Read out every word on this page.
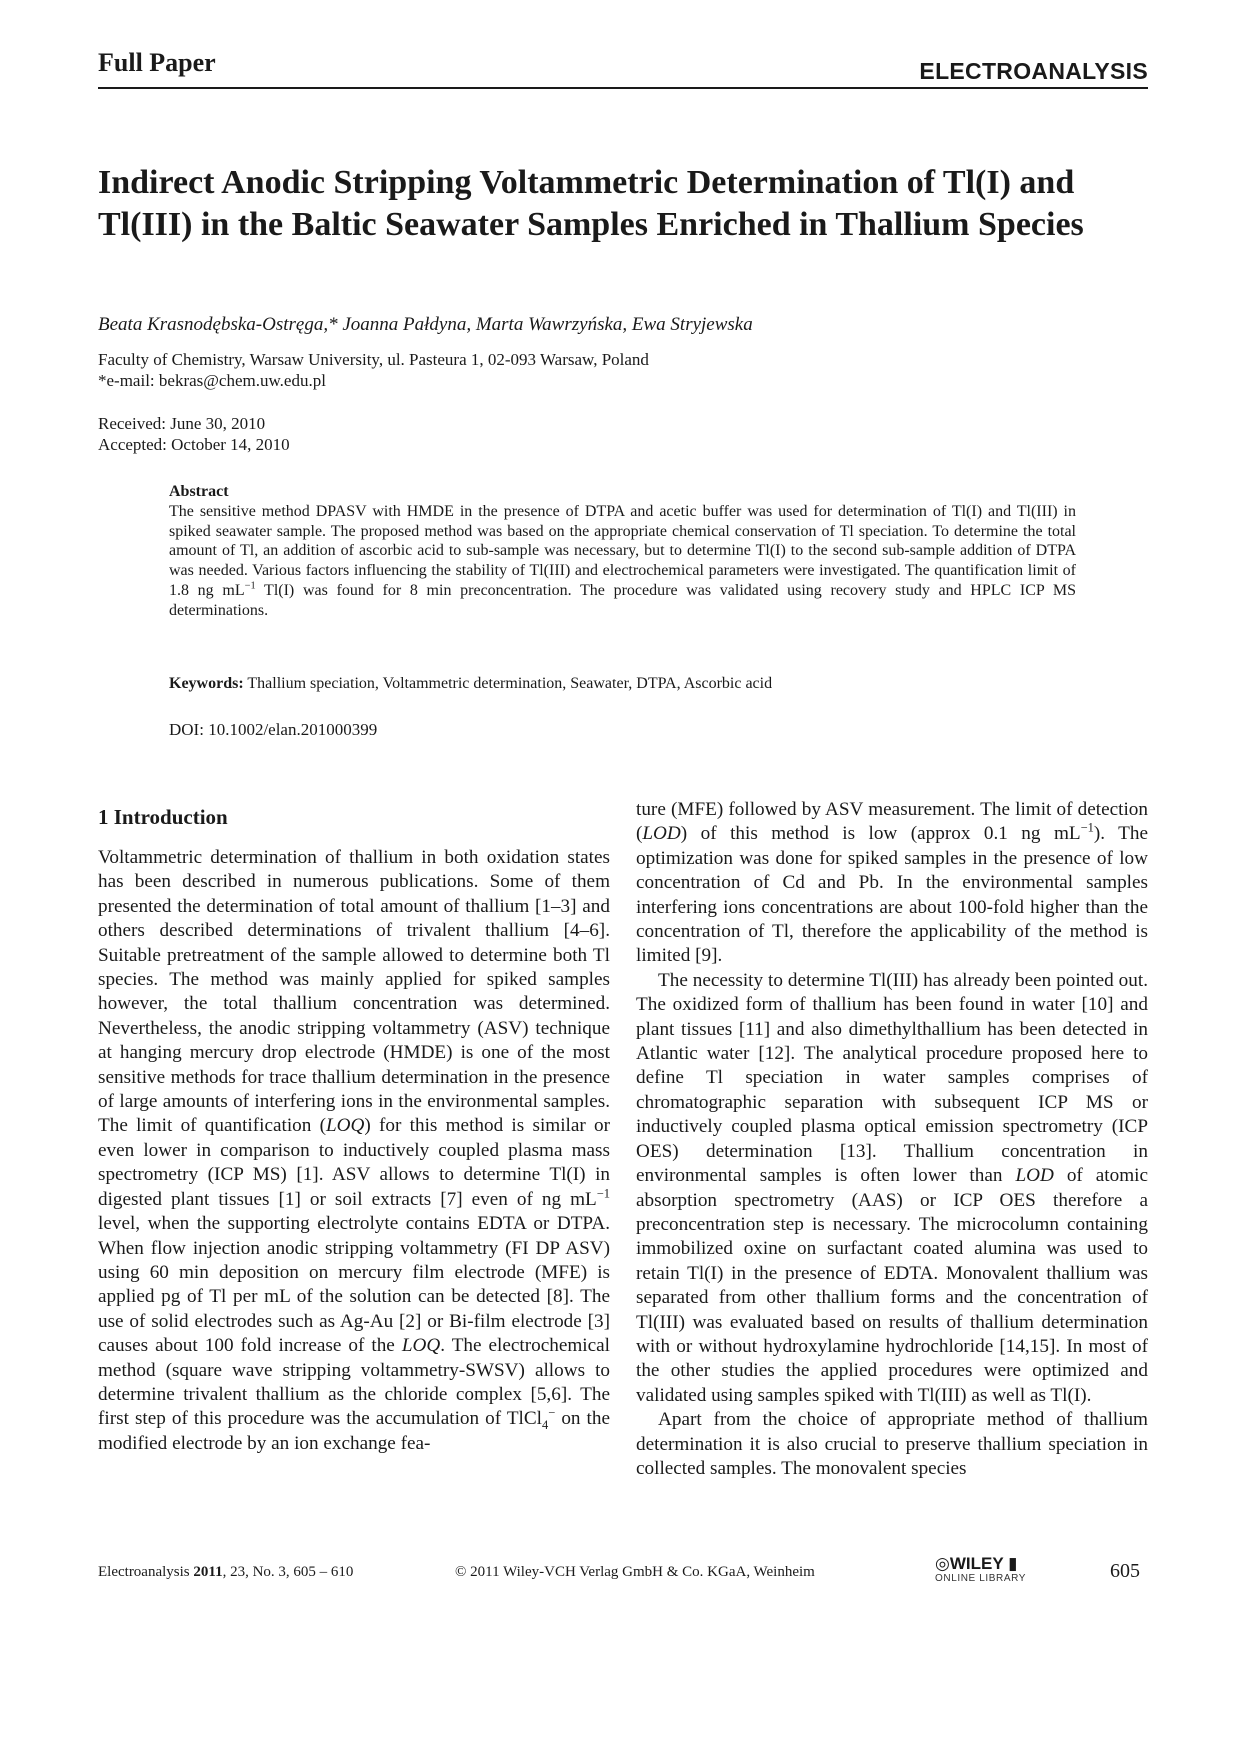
Full Paper	ELECTROANALYSIS
Indirect Anodic Stripping Voltammetric Determination of Tl(I) and Tl(III) in the Baltic Seawater Samples Enriched in Thallium Species
Beata Krasnodębska-Ostręga,* Joanna Pałdyna, Marta Wawrzyńska, Ewa Stryjewska
Faculty of Chemistry, Warsaw University, ul. Pasteura 1, 02-093 Warsaw, Poland
*e-mail: bekras@chem.uw.edu.pl
Received: June 30, 2010
Accepted: October 14, 2010
Abstract
The sensitive method DPASV with HMDE in the presence of DTPA and acetic buffer was used for determination of Tl(I) and Tl(III) in spiked seawater sample. The proposed method was based on the appropriate chemical conservation of Tl speciation. To determine the total amount of Tl, an addition of ascorbic acid to sub-sample was necessary, but to determine Tl(I) to the second sub-sample addition of DTPA was needed. Various factors influencing the stability of Tl(III) and electrochemical parameters were investigated. The quantification limit of 1.8 ng $mL^{-1}$ Tl(I) was found for 8 min preconcentration. The procedure was validated using recovery study and HPLC ICP MS determinations.
Keywords: Thallium speciation, Voltammetric determination, Seawater, DTPA, Ascorbic acid
DOI: 10.1002/elan.201000399
1 Introduction

Voltammetric determination of thallium in both oxidation states has been described in numerous publications. Some of them presented the determination of total amount of thallium [1–3] and others described determinations of trivalent thallium [4–6]. Suitable pretreatment of the sample allowed to determine both Tl species. The method was mainly applied for spiked samples however, the total thallium concentration was determined. Nevertheless, the anodic stripping voltammetry (ASV) technique at hanging mercury drop electrode (HMDE) is one of the most sensitive methods for trace thallium determination in the presence of large amounts of interfering ions in the environmental samples. The limit of quantification (LOQ) for this method is similar or even lower in comparison to inductively coupled plasma mass spectrometry (ICP MS) [1]. ASV allows to determine Tl(I) in digested plant tissues [1] or soil extracts [7] even of ng $mL^{-1}$ level, when the supporting electrolyte contains EDTA or DTPA. When flow injection anodic stripping voltammetry (FI DP ASV) using 60 min deposition on mercury film electrode (MFE) is applied pg of Tl per mL of the solution can be detected [8]. The use of solid electrodes such as Ag-Au [2] or Bi-film electrode [3] causes about 100 fold increase of the LOQ. The electrochemical method (square wave stripping voltammetry-SWSV) allows to determine trivalent thallium as the chloride complex [5,6]. The first step of this procedure was the accumulation of TlCl$_4$− on the modified electrode by an ion exchange fea-

ture (MFE) followed by ASV measurement. The limit of detection (LOD) of this method is low (approx 0.1 ng $mL^{-1}$). The optimization was done for spiked samples in the presence of low concentration of Cd and Pb. In the environmental samples interfering ions concentrations are about 100-fold higher than the concentration of Tl, therefore the applicability of the method is limited [9].

The necessity to determine Tl(III) has already been pointed out. The oxidized form of thallium has been found in water [10] and plant tissues [11] and also dimethylthallium has been detected in Atlantic water [12]. The analytical procedure proposed here to define Tl speciation in water samples comprises of chromatographic separation with subsequent ICP MS or inductively coupled plasma optical emission spectrometry (ICP OES) determination [13]. Thallium concentration in environmental samples is often lower than LOD of atomic absorption spectrometry (AAS) or ICP OES therefore a preconcentration step is necessary. The microcolumn containing immobilized oxine on surfactant coated alumina was used to retain Tl(I) in the presence of EDTA. Monovalent thallium was separated from other thallium forms and the concentration of Tl(III) was evaluated based on results of thallium determination with or without hydroxylamine hydrochloride [14,15]. In most of the other studies the applied procedures were optimized and validated using samples spiked with Tl(III) as well as Tl(I).

Apart from the choice of appropriate method of thallium determination it is also crucial to preserve thallium speciation in collected samples. The monovalent species

Electroanalysis 2011, 23, No. 3, 605 – 610	© 2011 Wiley-VCH Verlag GmbH & Co. KGaA, Weinheim	◎WILEY ▮
ONLINE LIBRARY	605
